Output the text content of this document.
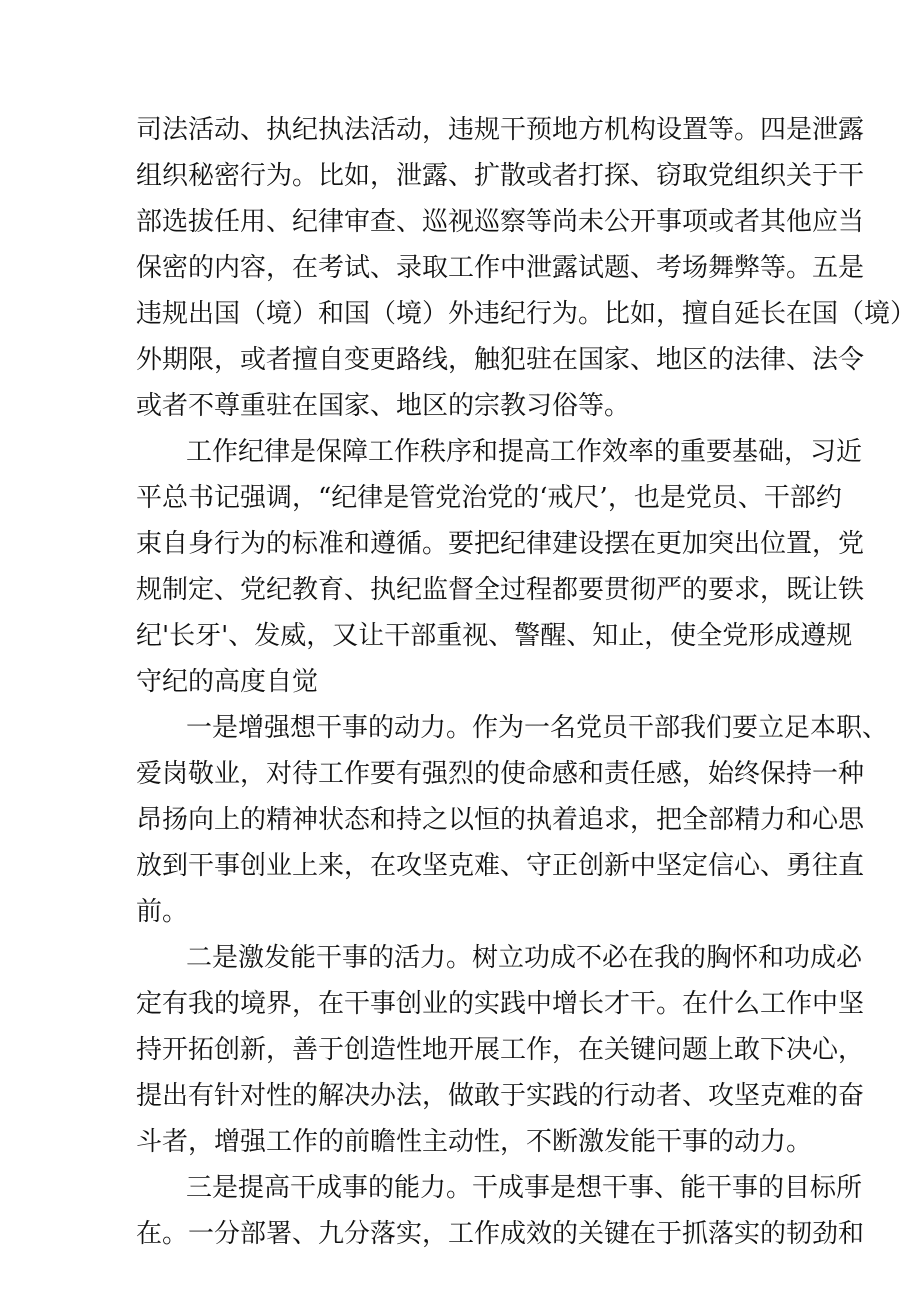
司法活动、执纪执法活动，违规干预地方机构设置等。四是泄露
组织秘密行为。比如，泄露、扩散或者打探、窃取党组织关于干
部选拔任用、纪律审查、巡视巡察等尚未公开事项或者其他应当
保密的内容，在考试、录取工作中泄露试题、考场舞弊等。五是
违规出国（境）和国（境）外违纪行为。比如，擅自延长在国（境）
外期限，或者擅自变更路线，触犯驻在国家、地区的法律、法令
或者不尊重驻在国家、地区的宗教习俗等。
工作纪律是保障工作秩序和提高工作效率的重要基础，习近
平总书记强调，“纪律是管党治党的‘戒尺’，也是党员、干部约
束自身行为的标准和遵循。要把纪律建设摆在更加突出位置，党
规制定、党纪教育、执纪监督全过程都要贯彻严的要求，既让铁
纪'长牙'、发威，又让干部重视、警醒、知止，使全党形成遵规
守纪的高度自觉
一是增强想干事的动力。作为一名党员干部我们要立足本职、
爱岗敬业，对待工作要有强烈的使命感和责任感，始终保持一种
昂扬向上的精神状态和持之以恒的执着追求，把全部精力和心思
放到干事创业上来，在攻坚克难、守正创新中坚定信心、勇往直
前。
二是激发能干事的活力。树立功成不必在我的胸怀和功成必
定有我的境界，在干事创业的实践中增长才干。在什么工作中坚
持开拓创新，善于创造性地开展工作，在关键问题上敢下决心，
提出有针对性的解决办法，做敢于实践的行动者、攻坚克难的奋
斗者，增强工作的前瞻性主动性，不断激发能干事的动力。
三是提高干成事的能力。干成事是想干事、能干事的目标所
在。一分部署、九分落实，工作成效的关键在于抓落实的韧劲和
